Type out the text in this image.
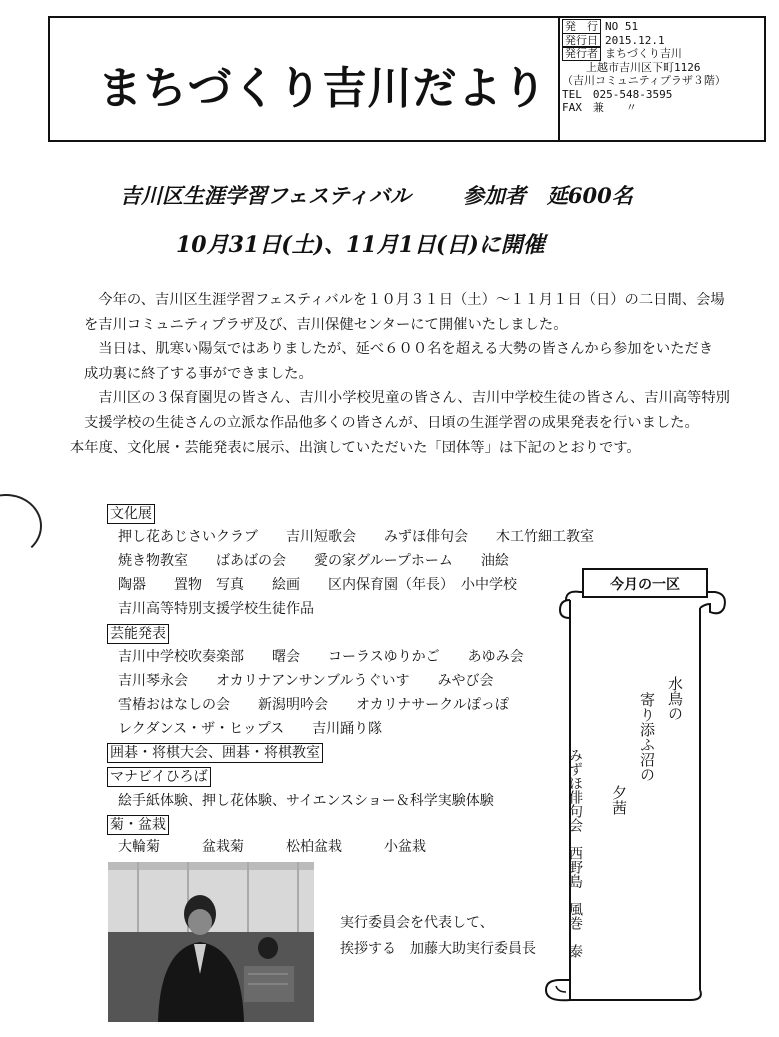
まちづくり吉川だより
発　行 NO 51
発行日 2015.12.1
発行者 まちづくり吉川
上越市吉川区下町1126
（吉川コミュニティプラザ３階）
TEL　025-548-3595
FAX　兼　　〃
吉川区生涯学習フェスティバル 参加者　延600名
10月31日(土)、11月1日(日)に開催

　今年の、吉川区生涯学習フェスティバルを１０月３１日（土）～１１月１日（日）の二日間、会場を吉川コミュニティプラザ及び、吉川保健センターにて開催いたしました。

　当日は、肌寒い陽気ではありましたが、延べ６００名を超える大勢の皆さんから参加をいただき　成功裏に終了する事ができました。

　吉川区の３保育園児の皆さん、吉川小学校児童の皆さん、吉川中学校生徒の皆さん、吉川高等特別支援学校の生徒さんの立派な作品他多くの皆さんが、日頃の生涯学習の成果発表を行いました。

本年度、文化展・芸能発表に展示、出演していただいた「団体等」は下記のとおりです。

文化展
押し花あじさいクラブ　　吉川短歌会　　みずほ俳句会　　木工竹細工教室
焼き物教室　　ばあばの会　　愛の家グループホーム　　油絵
陶器　　置物　写真　　絵画　　区内保育園（年長）　小中学校
吉川高等特別支援学校生徒作品
芸能発表
吉川中学校吹奏楽部　　曙会　　コーラスゆりかご　　あゆみ会
吉川琴永会　　オカリナアンサンブルうぐいす　　みやび会
雪椿おはなしの会　　新潟明吟会　　オカリナサークルぽっぽ
レクダンス・ザ・ヒップス　　吉川踊り隊
囲碁・将棋大会、囲碁・将棋教室
マナビイひろば
絵手紙体験、押し花体験、サイエンスショー＆科学実験体験
菊・盆栽
大輪菊　　　盆栽菊　　　松柏盆栽　　　小盆栽
今月の一区
水鳥の
寄り添ふ沼の
夕茜
みずほ俳句会　西野島　風巻　泰
実行委員会を代表して、
挨拶する　加藤大助実行委員長
